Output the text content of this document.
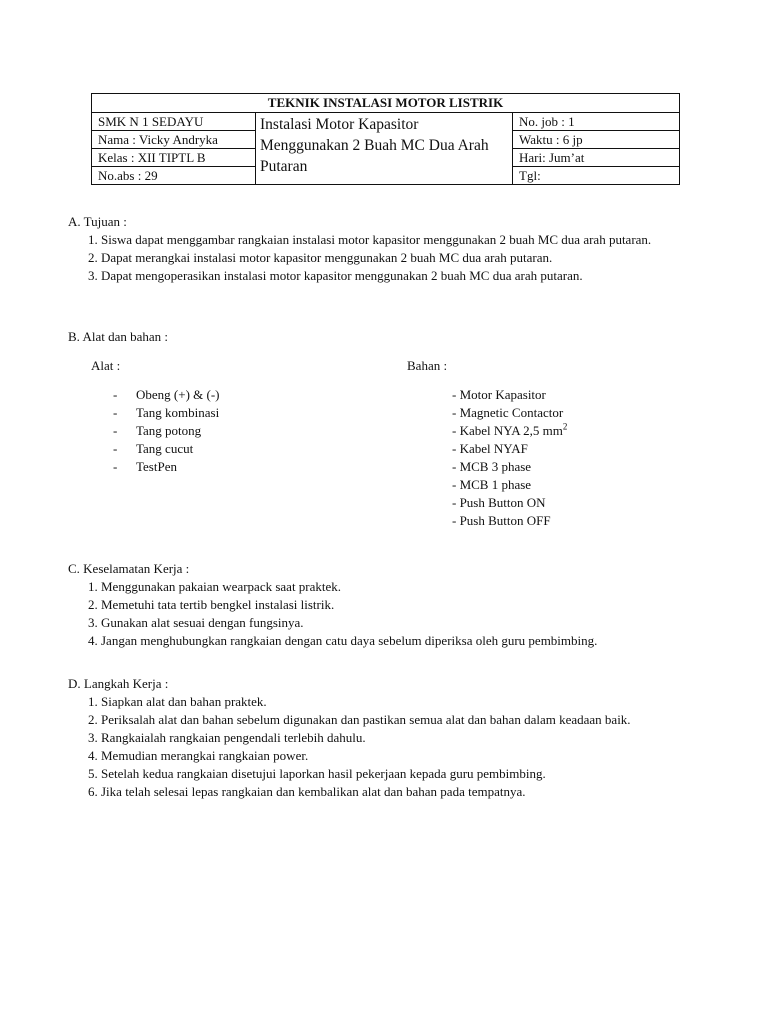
TEKNIK INSTALASI MOTOR LISTRIK		
SMK N 1 SEDAYU	Instalasi Motor Kapasitor Menggunakan 2 Buah MC Dua Arah Putaran	No. job : 1
Nama : Vicky Andryka		Waktu : 6 jp
Kelas : XII TIPTL B		Hari: Jum’at
No.abs : 29		Tgl:

A. Tujuan :

1. Siswa dapat menggambar rangkaian instalasi motor kapasitor menggunakan 2 buah MC dua arah putaran.
2. Dapat merangkai instalasi motor kapasitor menggunakan 2 buah MC dua arah putaran.
3. Dapat mengoperasikan instalasi motor kapasitor menggunakan 2 buah MC dua arah putaran.

B. Alat dan bahan :

Alat :	Bahan :
- Obeng (+) & (-)
- Tang kombinasi
- Tang potong
- Tang cucut
- TestPen
- Motor Kapasitor
- Magnetic Contactor
- Kabel NYA 2,5 $mm^2$
- Kabel NYAF
- MCB 3 phase
- MCB 1 phase
- Push Button ON
- Push Button OFF

C. Keselamatan Kerja :

1. Menggunakan pakaian wearpack saat praktek.
2. Memetuhi tata tertib bengkel instalasi listrik.
3. Gunakan alat sesuai dengan fungsinya.
4. Jangan menghubungkan rangkaian dengan catu daya sebelum diperiksa oleh guru pembimbing.

D. Langkah Kerja :

1. Siapkan alat dan bahan praktek.
2. Periksalah alat dan bahan sebelum digunakan dan pastikan semua alat dan bahan dalam keadaan baik.
3. Rangkaialah rangkaian pengendali terlebih dahulu.
4. Memudian merangkai rangkaian power.
5. Setelah kedua rangkaian disetujui laporkan hasil pekerjaan kepada guru pembimbing.
6. Jika telah selesai lepas rangkaian dan kembalikan alat dan bahan pada tempatnya.
